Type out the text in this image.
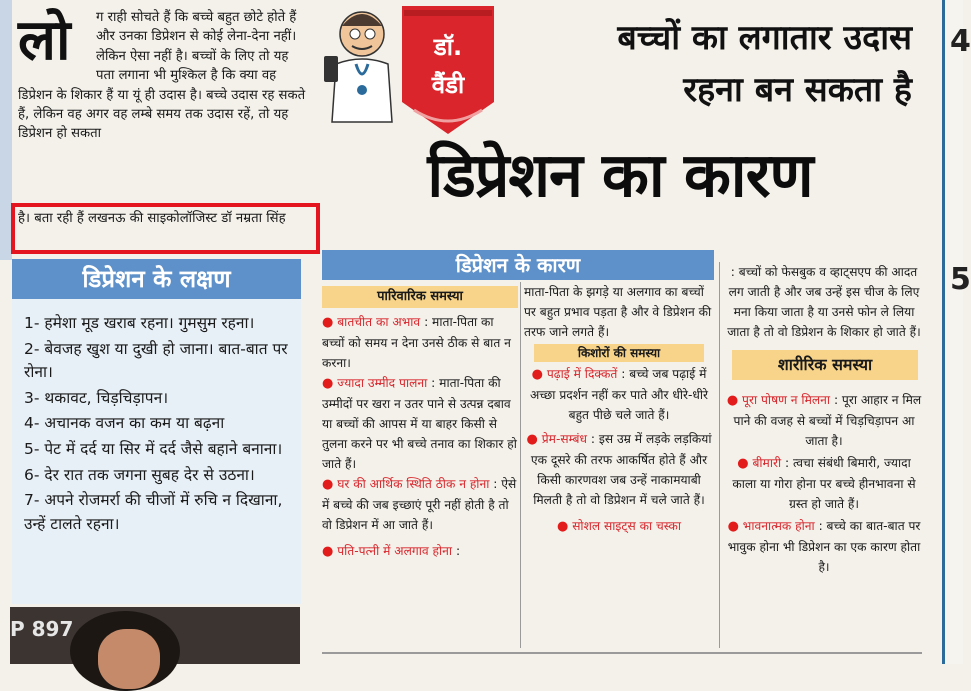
लो	ग राही सोचते हैं कि बच्चे बहुत छोटे होते हैं और उनका डिप्रेशन से कोई लेना-देना नहीं। लेकिन ऐसा नहीं है। बच्चों के लिए तो यह पता लगाना भी मुश्किल है कि क्या वह डिप्रेशन के शिकार हैं या यूं ही उदास है। बच्चे उदास रह सकते हैं, लेकिन वह अगर वह लम्बे समय तक उदास रहें, तो यह डिप्रेशन हो सकता
है। बता रही हैं लखनऊ की साइकोलॉजिस्ट डॉ नम्रता सिंह
डिप्रेशन के लक्षण
1- हमेशा मूड खराब रहना। गुमसुम रहना।
2- बेवजह खुश या दुखी हो जाना। बात-बात पर रोना।
3- थकावट, चिड़चिड़ापन।
4- अचानक वजन का कम या बढ़ना
5- पेट में दर्द या सिर में दर्द जैसे बहाने बनाना।
6- देर रात तक जगना सुबह देर से उठना।
7- अपने रोजमर्रा की चीजों में रुचि न दिखाना, उन्हें टालते रहना।
P 897
डॉ.
वैंडी
बच्चों का लगातार उदास
रहना बन सकता है
डिप्रेशन का कारण
डिप्रेशन के कारण
पारिवारिक समस्या

● बातचीत का अभाव : माता-पिता का बच्चों को समय न देना उनसे ठीक से बात न करना।

● ज्यादा उम्मीद पालना : माता-पिता की उम्मीदों पर खरा न उतर पाने से उत्पन्न दबाव या बच्चों की आपस में या बाहर किसी से तुलना करने पर भी बच्चे तनाव का शिकार हो जाते हैं।

● घर की आर्थिक स्थिति ठीक न होना : ऐसे में बच्चे की जब इच्छाएं पूरी नहीं होती है तो वो डिप्रेशन में आ जाते हैं।

● पति-पत्नी में अलगाव होना :

माता-पिता के झगड़े या अलगाव का बच्चों पर बहुत प्रभाव पड़ता है और वे डिप्रेशन की तरफ जाने लगते हैं।

किशोरों की समस्या

● पढ़ाई में दिक्कतें : बच्चे जब पढ़ाई में अच्छा प्रदर्शन नहीं कर पाते और धीरे-धीरे बहुत पीछे चले जाते हैं।

● प्रेम-सम्बंध : इस उम्र में लड़के लड़कियां एक दूसरे की तरफ आकर्षित होते हैं और किसी कारणवश जब उन्हें नाकामयाबी मिलती है तो वो डिप्रेशन में चले जाते हैं।

● सोशल साइट्स का चस्का

: बच्चों को फेसबुक व व्हाट्सएप की आदत लग जाती है और जब उन्हें इस चीज के लिए मना किया जाता है या उनसे फोन ले लिया जाता है तो वो डिप्रेशन के शिकार हो जाते हैं।

शारीरिक समस्या

● पूरा पोषण न मिलना : पूरा आहार न मिल पाने की वजह से बच्चों में चिड़चिड़ापन आ जाता है।

● बीमारी : त्वचा संबंधी बिमारी, ज्यादा काला या गोरा होना पर बच्चे हीनभावना से ग्रस्त हो जाते हैं।

● भावनात्मक होना : बच्चे का बात-बात पर भावुक होना भी डिप्रेशन का एक कारण होता है।

4
5
